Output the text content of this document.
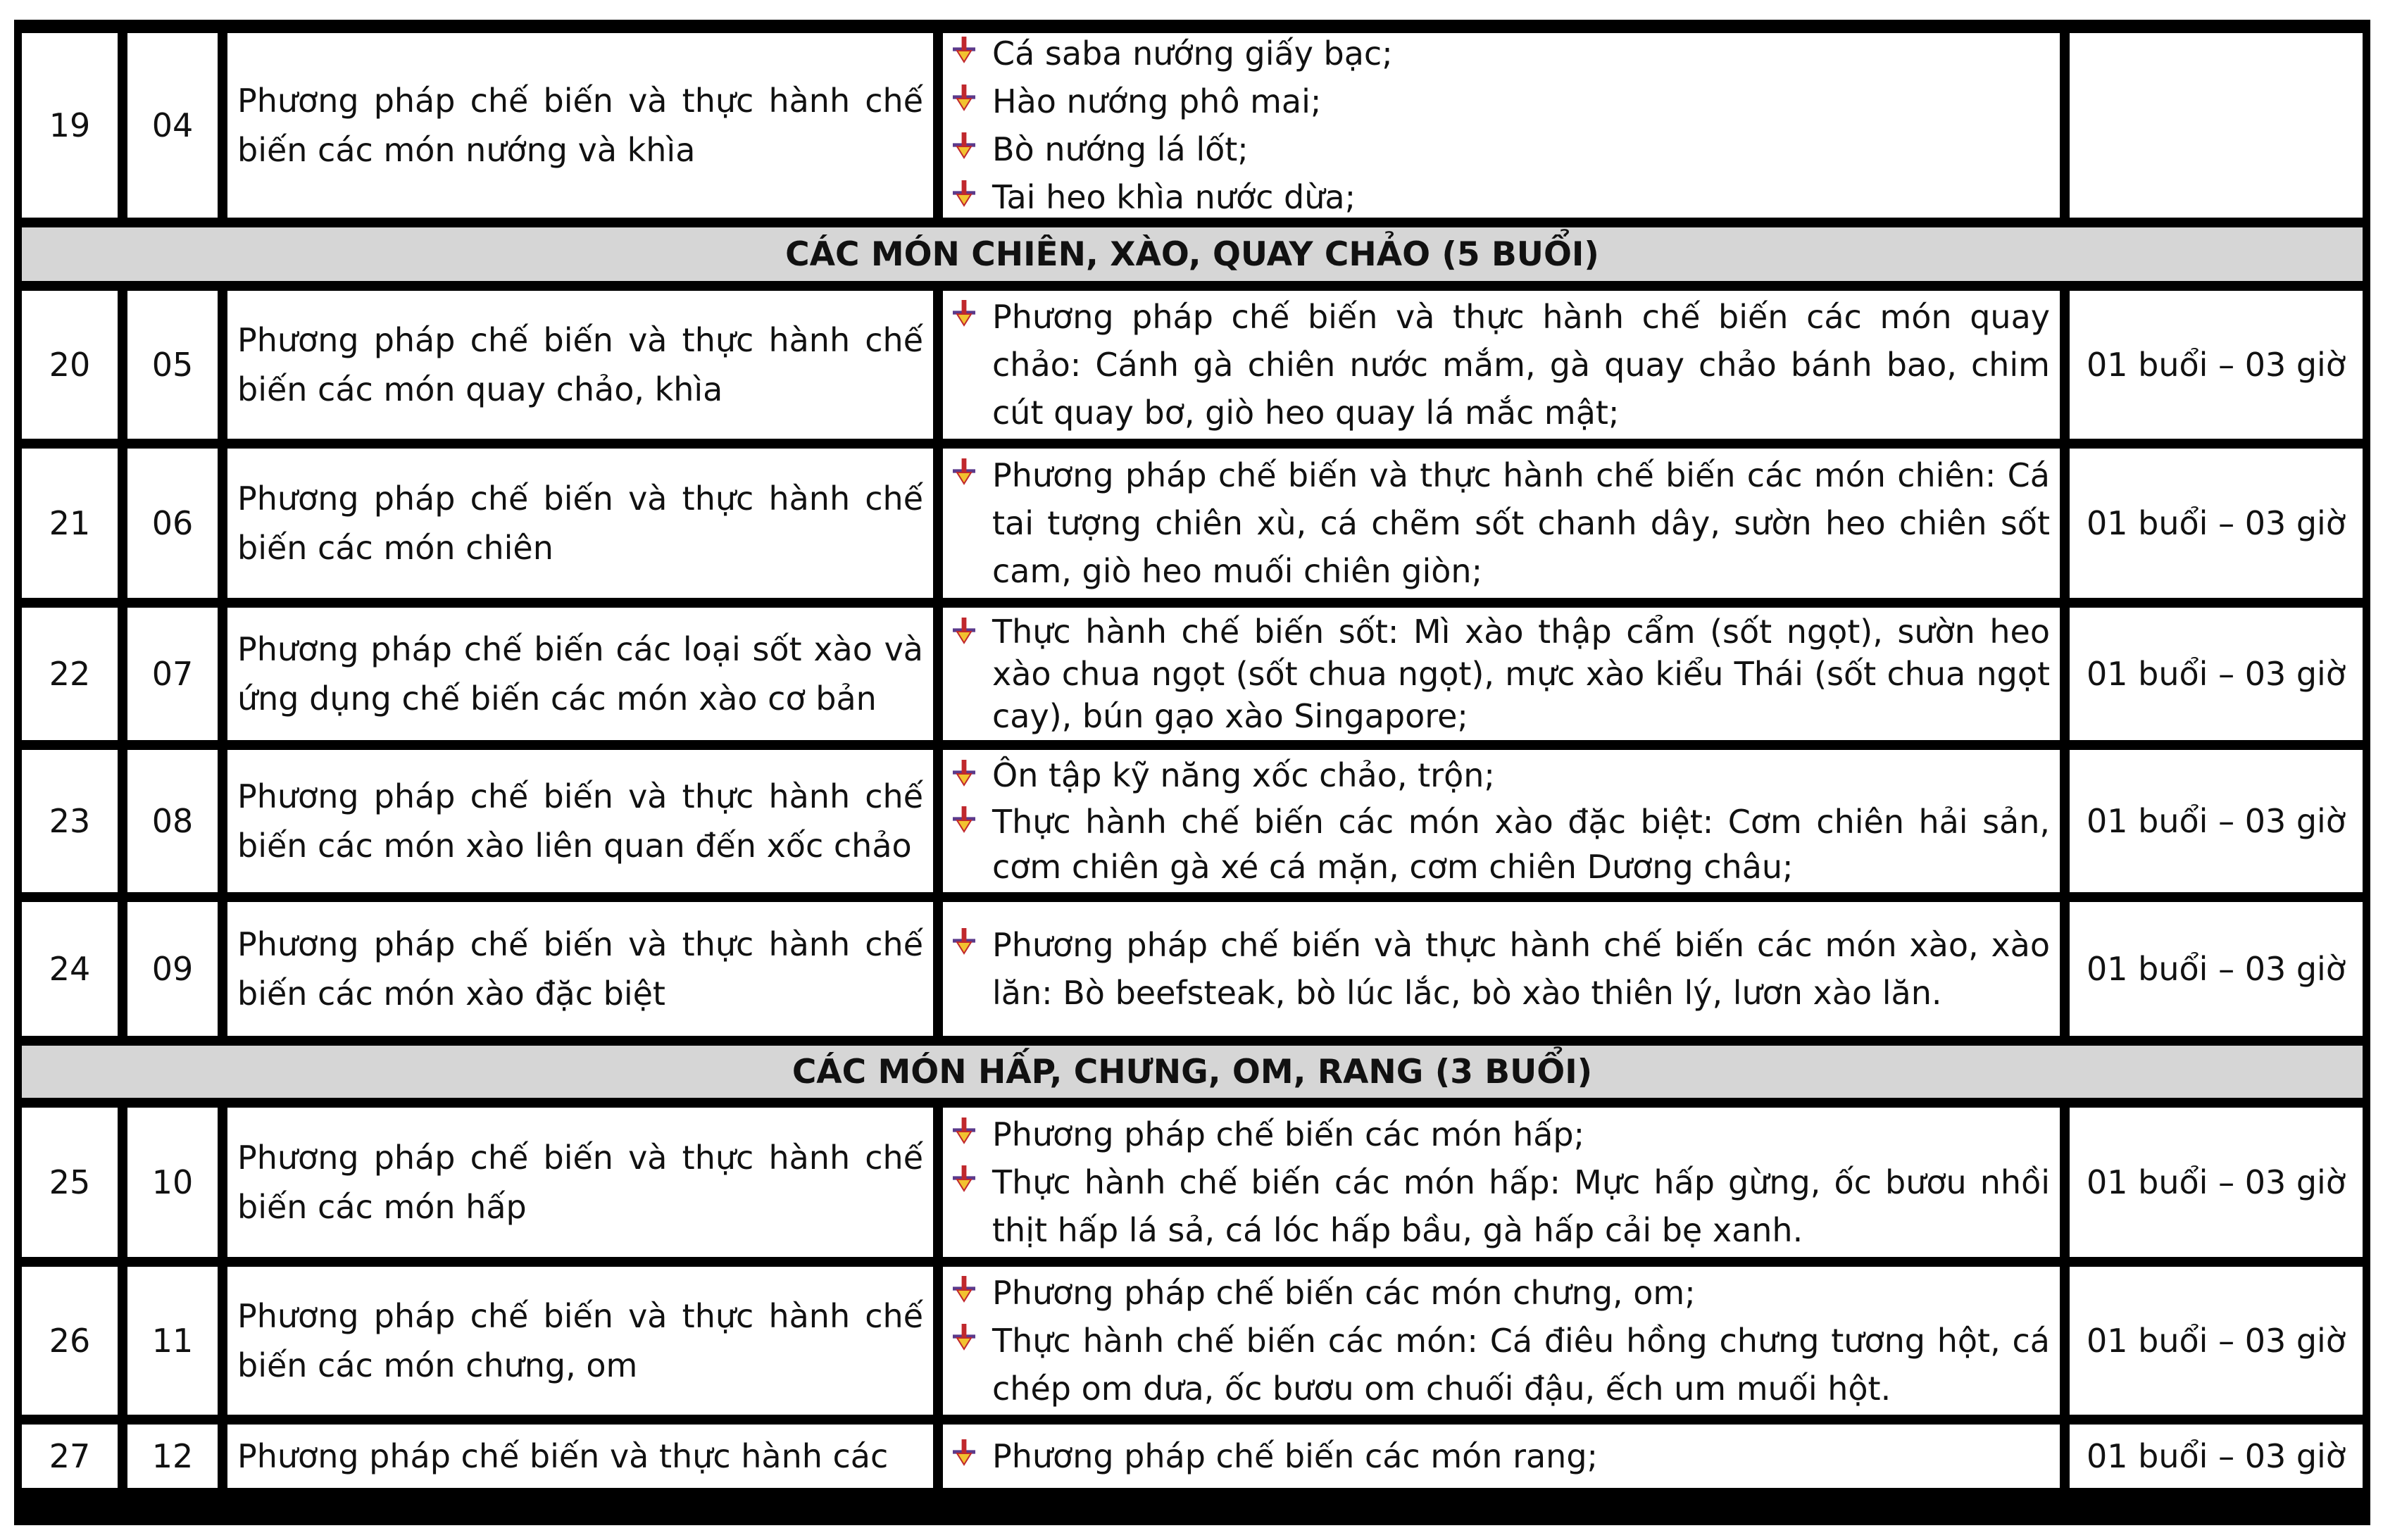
19 04
Phương pháp chế biến và thực hành chế biến các món nướng và khìa
Cá saba nướng giấy bạc;
Hào nướng phô mai;
Bò nướng lá lốt;
Tai heo khìa nước dừa;
CÁC MÓN CHIÊN, XÀO, QUAY CHẢO (5 BUỔI)
20 05
Phương pháp chế biến và thực hành chế biến các món quay chảo, khìa
Phương pháp chế biến và thực hành chế biến các món quay chảo: Cánh gà chiên nước mắm, gà quay chảo bánh bao, chim cút quay bơ, giò heo quay lá mắc mật;
01 buổi – 03 giờ
21 06
Phương pháp chế biến và thực hành chế biến các món chiên
Phương pháp chế biến và thực hành chế biến các món chiên: Cá tai tượng chiên xù, cá chẽm sốt chanh dây, sườn heo chiên sốt cam, giò heo muối chiên giòn;
01 buổi – 03 giờ
22 07
Phương pháp chế biến các loại sốt xào và ứng dụng chế biến các món xào cơ bản
Thực hành chế biến sốt: Mì xào thập cẩm (sốt ngọt), sườn heo xào chua ngọt (sốt chua ngọt), mực xào kiểu Thái (sốt chua ngọt cay), bún gạo xào Singapore;
01 buổi – 03 giờ
23 08
Phương pháp chế biến và thực hành chế biến các món xào liên quan đến xốc chảo
Ôn tập kỹ năng xốc chảo, trộn;
Thực hành chế biến các món xào đặc biệt: Cơm chiên hải sản, cơm chiên gà xé cá mặn, cơm chiên Dương châu;
01 buổi – 03 giờ
24 09
Phương pháp chế biến và thực hành chế biến các món xào đặc biệt
Phương pháp chế biến và thực hành chế biến các món xào, xào lăn: Bò beefsteak, bò lúc lắc, bò xào thiên lý, lươn xào lăn.
01 buổi – 03 giờ
CÁC MÓN HẤP, CHƯNG, OM, RANG (3 BUỔI)
25 10
Phương pháp chế biến và thực hành chế biến các món hấp
Phương pháp chế biến các món hấp;
Thực hành chế biến các món hấp: Mực hấp gừng, ốc bươu nhồi thịt hấp lá sả, cá lóc hấp bầu, gà hấp cải bẹ xanh.
01 buổi – 03 giờ
26 11
Phương pháp chế biến và thực hành chế biến các món chưng, om
Phương pháp chế biến các món chưng, om;
Thực hành chế biến các món: Cá điêu hồng chưng tương hột, cá chép om dưa, ốc bươu om chuối đậu, ếch um muối hột.
01 buổi – 03 giờ
27 12 Phương pháp chế biến và thực hành các	Phương pháp chế biến các món rang;	01 buổi – 03 giờ
